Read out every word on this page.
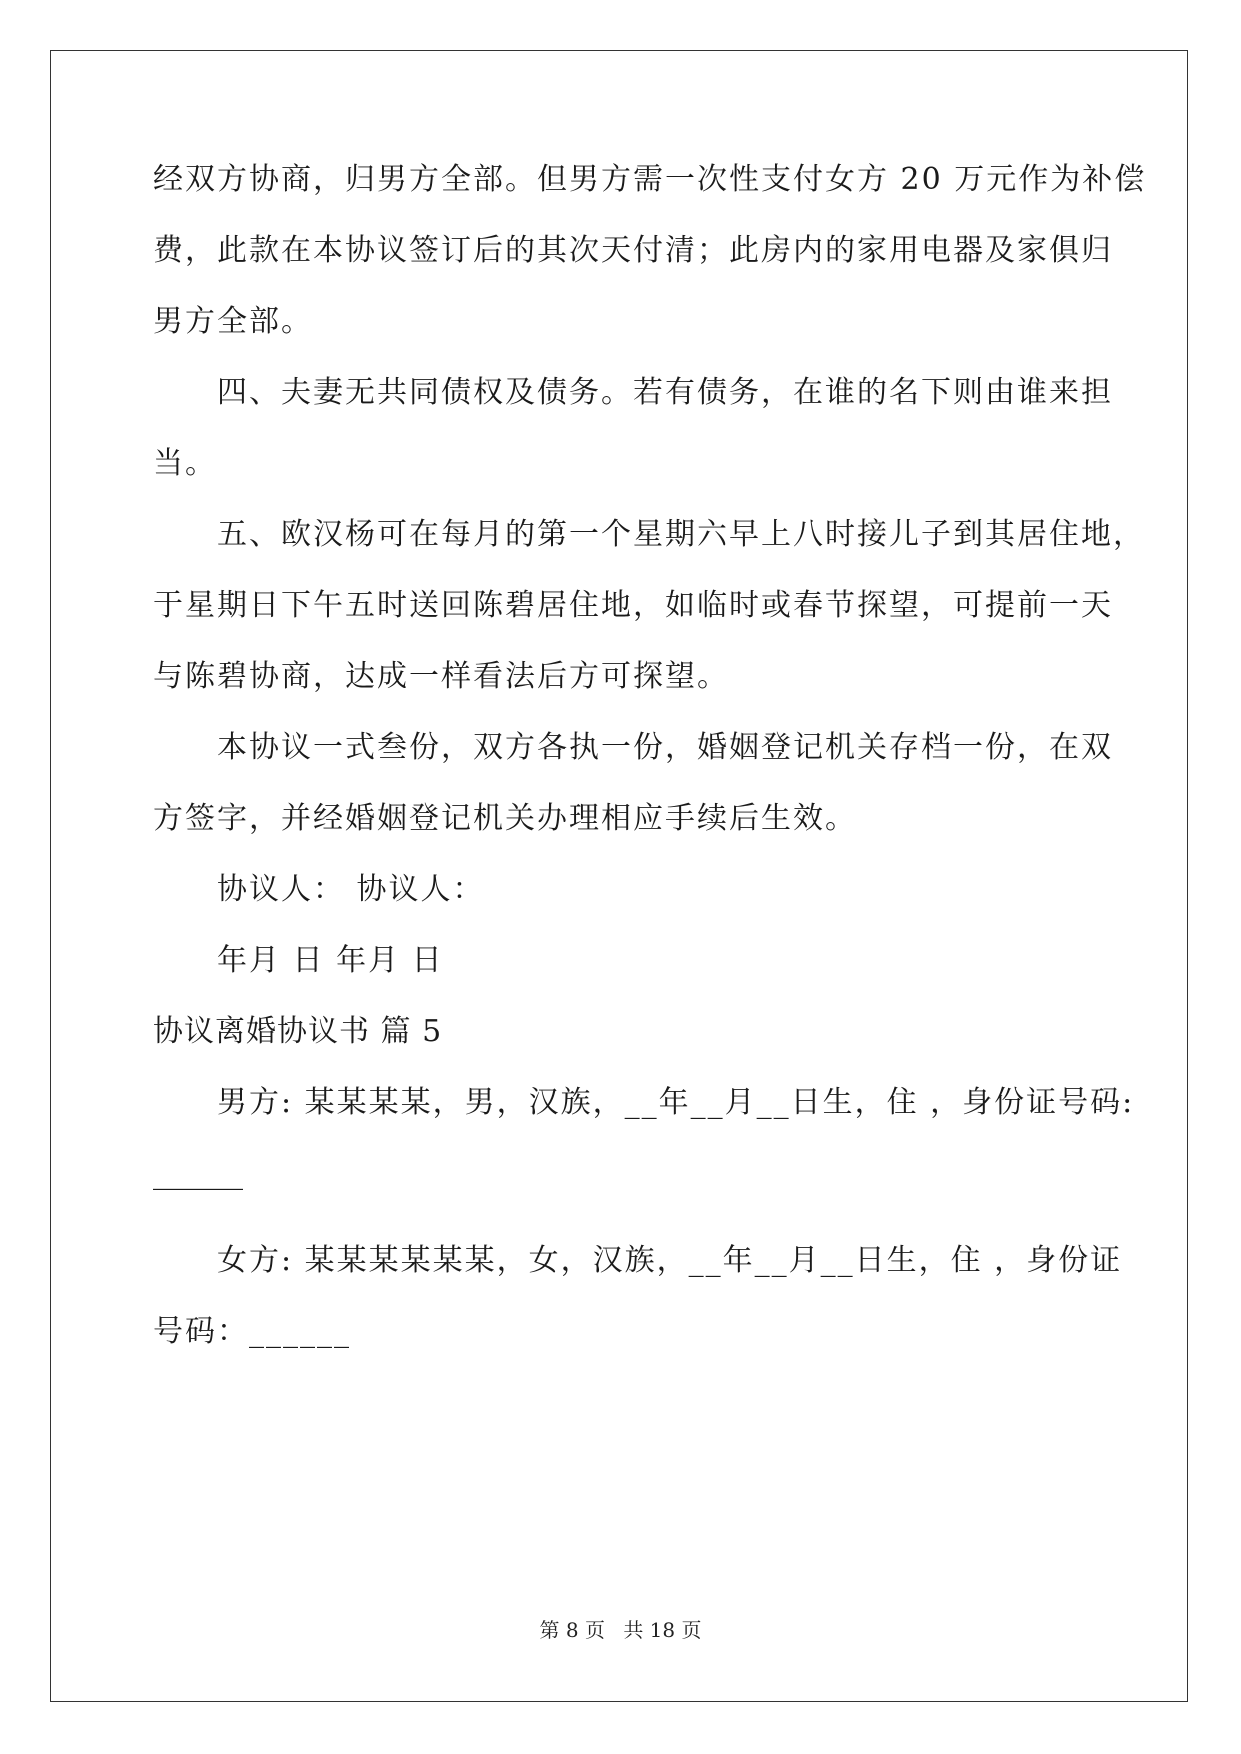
经双方协商，归男方全部。但男方需一次性支付女方 20 万元作为补偿
费，此款在本协议签订后的其次天付清；此房内的家用电器及家俱归
男方全部。
四、夫妻无共同债权及债务。若有债务，在谁的名下则由谁来担
当。
五、欧汉杨可在每月的第一个星期六早上八时接儿子到其居住地，
于星期日下午五时送回陈碧居住地，如临时或春节探望，可提前一天
与陈碧协商，达成一样看法后方可探望。
本协议一式叁份，双方各执一份，婚姻登记机关存档一份，在双
方签字，并经婚姻登记机关办理相应手续后生效。
协议人： 协议人：
年月 日 年月 日
协议离婚协议书 篇 5
男方: 某某某某，男，汉族，__年__月__日生，住 ，身份证号码:
______
女方: 某某某某某某，女，汉族，__年__月__日生，住 ，身份证
号码：______
第 8 页 共 18 页
